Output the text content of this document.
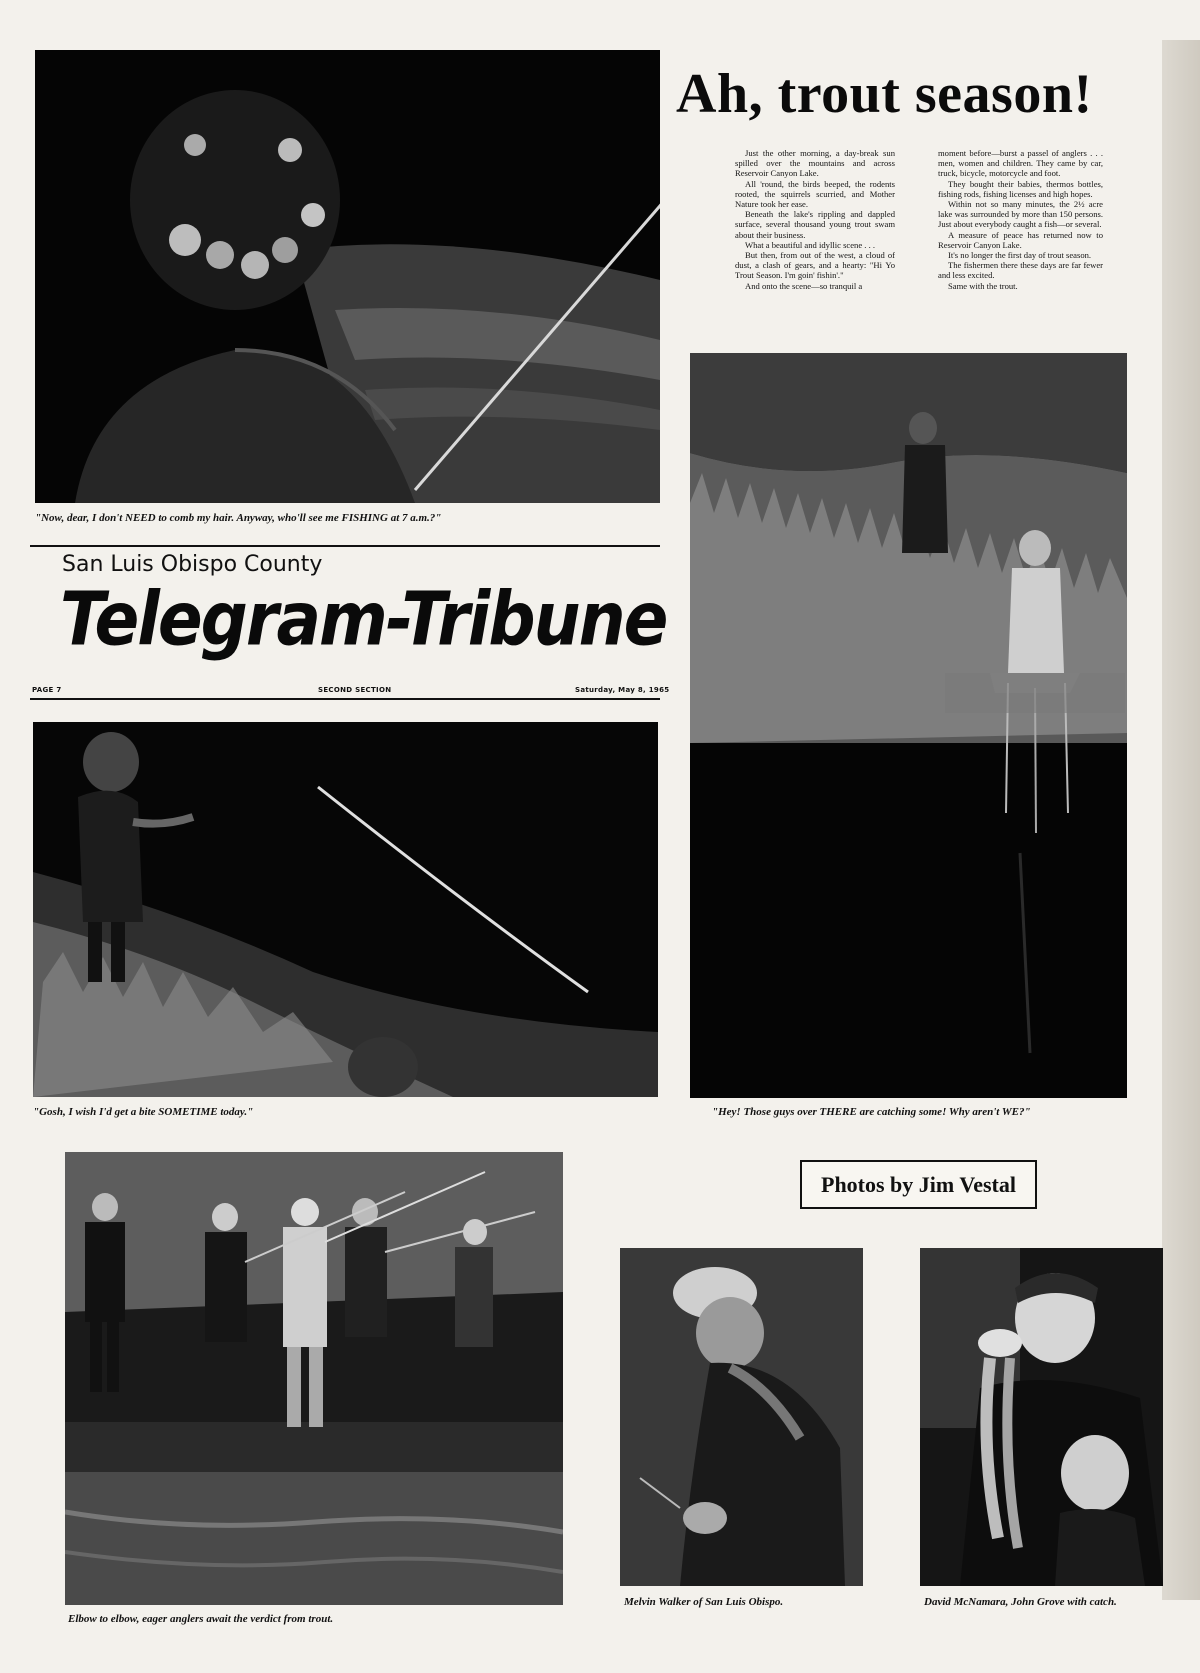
"Now, dear, I don't NEED to comb my hair. Anyway, who'll see me FISHING at 7 a.m.?"
San Luis Obispo County
Telegram-Tribune
PAGE 7	SECOND SECTION	Saturday, May 8, 1965
"Gosh, I wish I'd get a bite SOMETIME today."
Ah, trout season!

Just the other morning, a day-break sun spilled over the mountains and across Reservoir Canyon Lake.

All 'round, the birds beeped, the rodents rooted, the squirrels scurried, and Mother Nature took her ease.

Beneath the lake's rippling and dappled surface, several thousand young trout swam about their business.

What a beautiful and idyllic scene . . .

But then, from out of the west, a cloud of dust, a clash of gears, and a hearty: "Hi Yo Trout Season. I'm goin' fishin'."

And onto the scene—so tranquil a

moment before—burst a passel of anglers . . . men, women and children. They came by car, truck, bicycle, motorcycle and foot.

They bought their babies, thermos bottles, fishing rods, fishing licenses and high hopes.

Within not so many minutes, the 2½ acre lake was surrounded by more than 150 persons. Just about everybody caught a fish—or several.

A measure of peace has returned now to Reservoir Canyon Lake.

It's no longer the first day of trout season.

The fishermen there these days are far fewer and less excited.

Same with the trout.

"Hey! Those guys over THERE are catching some! Why aren't WE?"
Photos by Jim Vestal
Elbow to elbow, eager anglers await the verdict from trout.
Melvin Walker of San Luis Obispo.	David McNamara, John Grove with catch.
